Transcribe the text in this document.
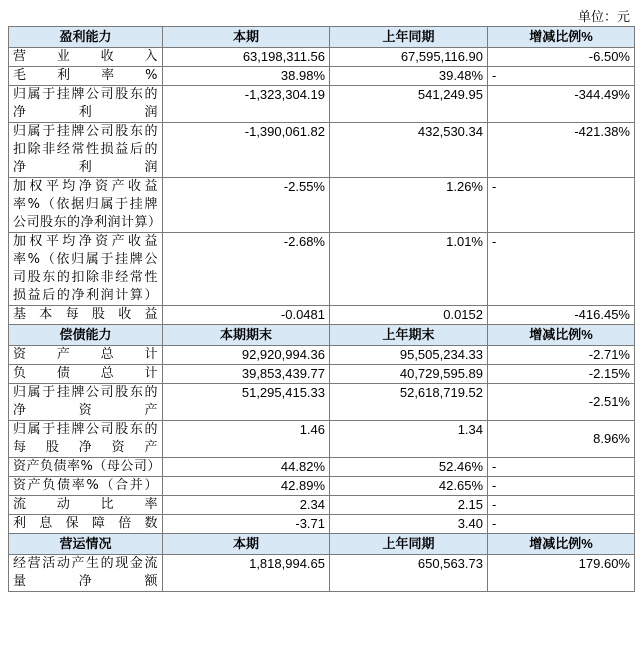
单位：元
盈利能力	本期	上年同期	增减比例%
营业收入	63,198,311.56	67,595,116.90	-6.50%
毛利率%	38.98%	39.48%	-
归属于挂牌公司股东的净利润	-1,323,304.19	541,249.95	-344.49%
归属于挂牌公司股东的扣除非经常性损益后的净利润	-1,390,061.82	432,530.34	-421.38%
加权平均净资产收益率%（依据归属于挂牌公司股东的净利润计算）	-2.55%	1.26%	-
加权平均净资产收益率%（依归属于挂牌公司股东的扣除非经常性损益后的净利润计算）	-2.68%	1.01%	-
基本每股收益	-0.0481	0.0152	-416.45%
偿债能力	本期期末	上年期末	增减比例%
资产总计	92,920,994.36	95,505,234.33	-2.71%
负债总计	39,853,439.77	40,729,595.89	-2.15%
归属于挂牌公司股东的净资产	51,295,415.33	52,618,719.52	-2.51%
归属于挂牌公司股东的每股净资产	1.46	1.34	8.96%
资产负债率%（母公司）	44.82%	52.46%	-
资产负债率%（合并）	42.89%	42.65%	-
流动比率	2.34	2.15	-
利息保障倍数	-3.71	3.40	-
营运情况	本期	上年同期	增减比例%
经营活动产生的现金流量净额	1,818,994.65	650,563.73	179.60%
